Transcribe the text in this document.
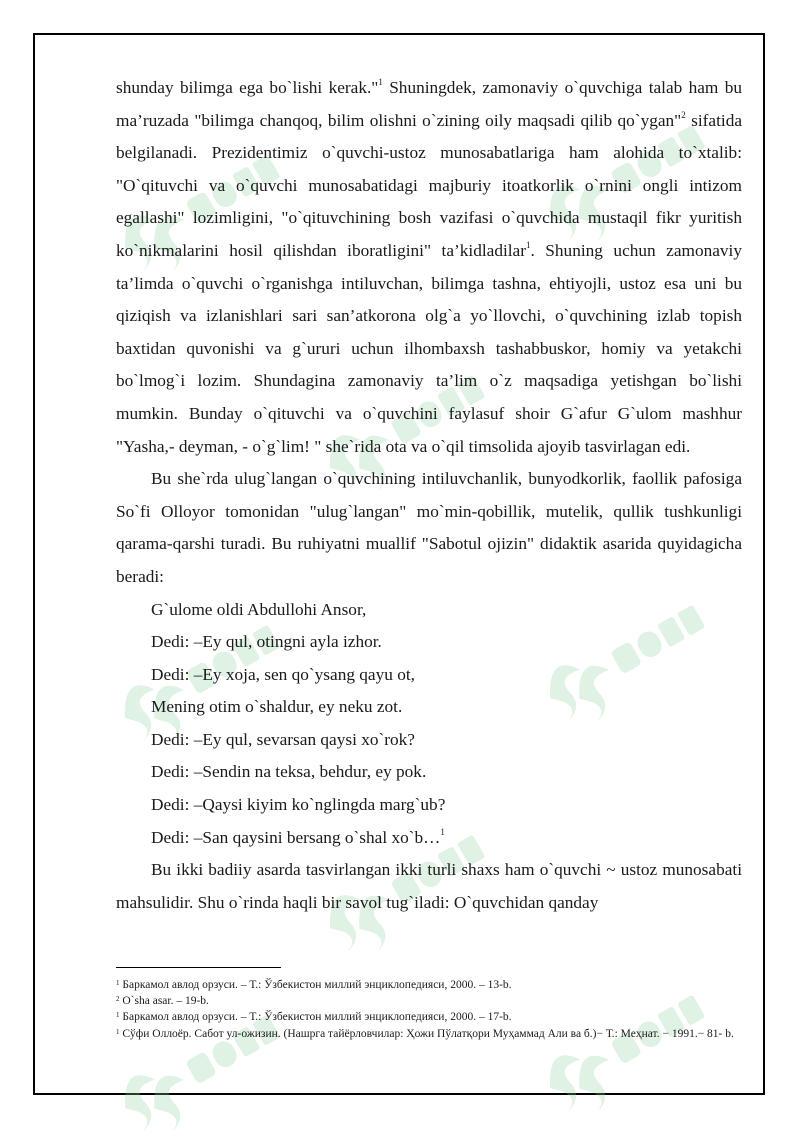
shunday bilimga ega bo`lishi kerak."$^1$ Shuningdek, zamonaviy o`quvchiga talab ham bu ma’ruzada "bilimga chanqoq, bilim olishni o`zining oily maqsadi qilib qo`ygan"$^2$ sifatida belgilanadi. Prezidentimiz o`quvchi-ustoz munosabatlariga ham alohida to`xtalib: "O`qituvchi va o`quvchi munosabatidagi majburiy itoatkorlik o`rnini ongli intizom egallashi" lozimligini, "o`qituvchining bosh vazifasi o`quvchida mustaqil fikr yuritish ko`nikmalarini hosil qilishdan iboratligini" ta’kidladilar$^1$. Shuning uchun zamonaviy ta’limda o`quvchi o`rganishga intiluvchan, bilimga tashna, ehtiyojli, ustoz esa uni bu qiziqish va izlanishlari sari san’atkorona olg`a yo`llovchi, o`quvchining izlab topish baxtidan quvonishi va g`ururi uchun ilhombaxsh tashabbuskor, homiy va yetakchi bo`lmog`i lozim. Shundagina zamonaviy ta’lim o`z maqsadiga yetishgan bo`lishi mumkin. Bunday o`qituvchi va o`quvchini faylasuf shoir G`afur G`ulom mashhur "Yasha,- deyman, - o`g`lim! " she`rida ota va o`qil timsolida ajoyib tasvirlagan edi.

Bu she`rda ulug`langan o`quvchining intiluvchanlik, bunyodkorlik, faollik pafosiga So`fi Olloyor tomonidan "ulug`langan" mo`min-qobillik, mutelik, qullik tushkunligi qarama-qarshi turadi. Bu ruhiyatni muallif "Sabotul ojizin" didaktik asarida quyidagicha beradi:

G`ulome oldi Abdullohi Ansor,

Dedi: –Ey qul, otingni ayla izhor.

Dedi: –Ey xoja, sen qo`ysang qayu ot,

Mening otim o`shaldur, ey neku zot.

Dedi: –Ey qul, sevarsan qaysi xo`rok?

Dedi: –Sendin na teksa, behdur, ey pok.

Dedi: –Qaysi kiyim ko`nglingda marg`ub?

Dedi: –San qaysini bersang o`shal xo`b…$^1$

Bu ikki badiiy asarda tasvirlangan ikki turli shaxs ham o`quvchi ~ ustoz munosabati mahsulidir. Shu o`rinda haqli bir savol tug`iladi: O`quvchidan qanday

$^1$ Баркамол авлод орзуси. – Т.: Ўзбекистон миллий энциклопедияси, 2000. – 13-b.

$^2$ O`sha asar. – 19-b.

$^1$ Баркамол авлод орзуси. – Т.: Ўзбекистон миллий энциклопедияси, 2000. – 17-b.

$^1$ Сўфи Оллоёр. Сабот ул-ожизин. (Нашрга тайёрловчилар: Ҳожи Пўлатқори Муҳаммад Али ва б.)− Т.: Меҳнат. − 1991.− 81- b.
